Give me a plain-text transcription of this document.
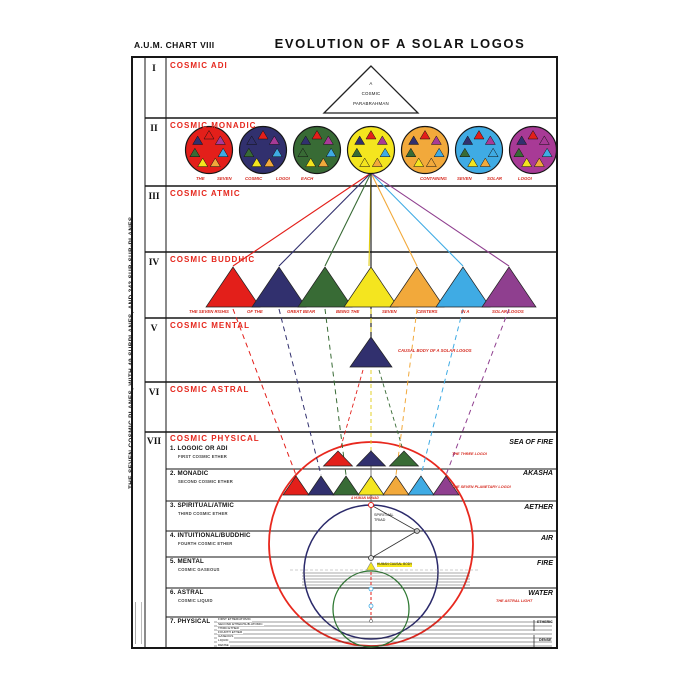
A.U.M. CHART VIII	EVOLUTION OF A SOLAR LOGOS
THE SEVEN COSMIC PLANES, WITH 49 SUBPLANES, AND 343 SUB-SUB-PLANES
A
COSMIC
PARABRAHMAN
CAUSAL BODY OF A SOLAR LOGOS
THE THREE LOGOI
THE SEVEN PLANETARY LOGOI
A HUMAN MONAD
HUMAN CAUSAL BODY
SPIRITUAL TRIAD
THE ASTRAL LIGHT
ETHERIC
DENSE
I	COSMIC ADI
II	COSMIC MONADIC
III	COSMIC ATMIC
IV	COSMIC BUDDHIC
V	COSMIC MENTAL
VI	COSMIC ASTRAL
VII	COSMIC PHYSICAL
THE	SEVEN	COSMIC	LOGOI	EACH	CONTAINING SEVEN	SOLAR	LOGOI
THE SEVEN RISHIS	OF THE	GREAT BEAR	BEING THE	SEVEN	CENTERS	IN A	SOLAR LOGOS
1. LOGOIC OR ADI
FIRST COSMIC ETHER
SEA OF FIRE
2. MONADIC
SECOND COSMIC ETHER
AKASHA
3. SPIRITUAL/ATMIC
THIRD COSMIC ETHER
AETHER
4. INTUITIONAL/BUDDHIC
FOURTH COSMIC ETHER
AIR
5. MENTAL
COSMIC GASEOUS
FIRE
6. ASTRAL
COSMIC LIQUID
WATER
7. PHYSICAL	FIRST ETHER/ATOMIC
SECOND ETHER/SUB-ATOMIC
THIRD ETHER
FOURTH ETHER
GASEOUS
LIQUID
DENSE
